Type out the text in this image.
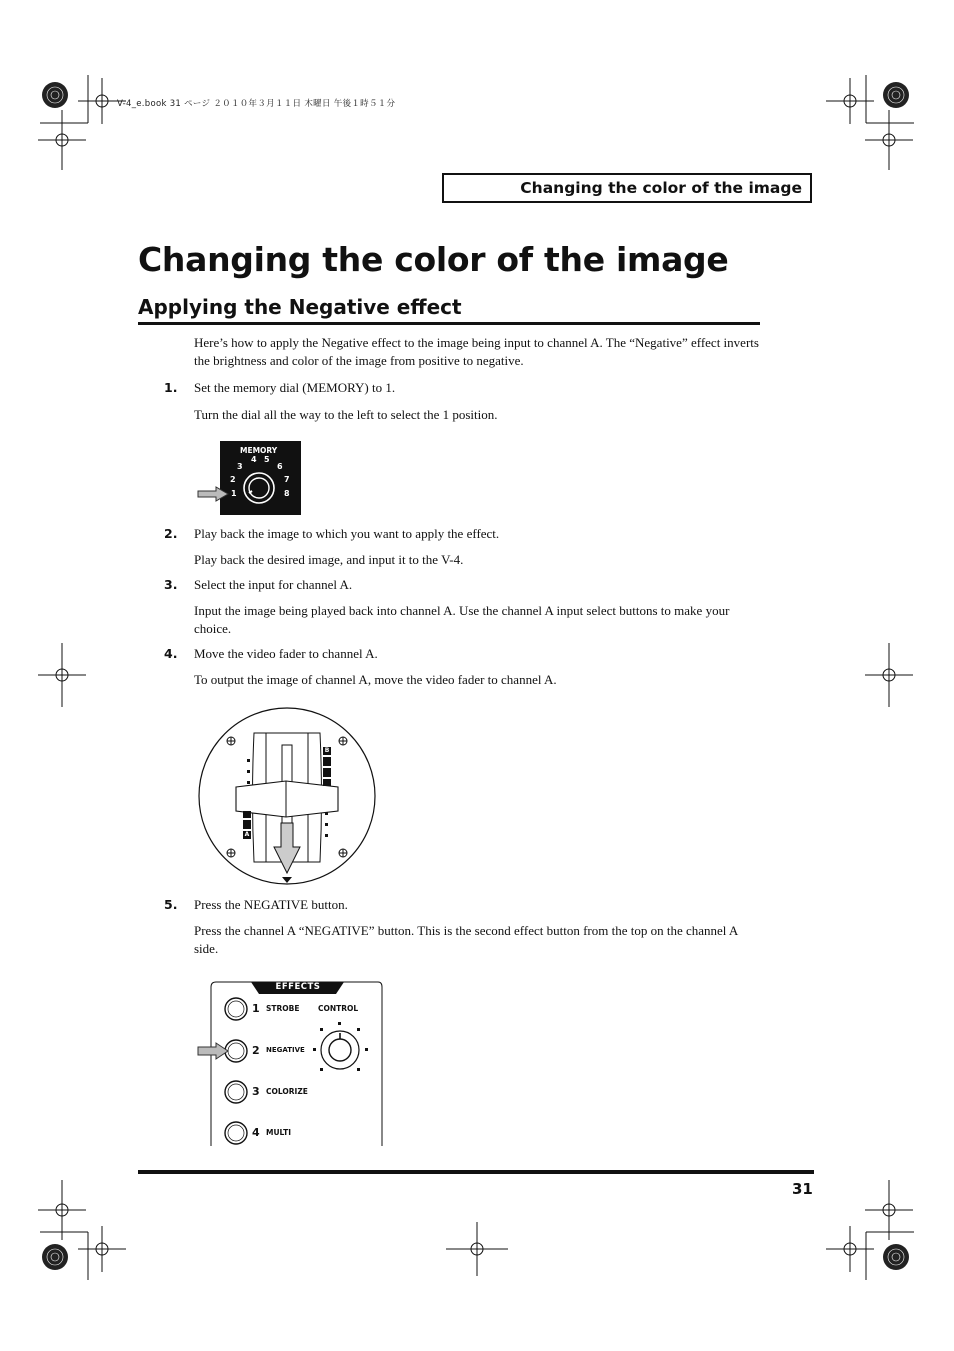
V-4_e.book 31 ページ ２０１０年３月１１日 木曜日 午後１時５１分
Changing the color of the image
Changing the color of the image
Applying the Negative effect
Here’s how to apply the Negative effect to the image being input to channel A. The “Negative” effect inverts the brightness and color of the image from positive to negative.
1. Set the memory dial (MEMORY) to 1.
Turn the dial all the way to the left to select the 1 position.
MEMORY
1
2
3
4 5
6
7
8
2. Play back the image to which you want to apply the effect.
Play back the desired image, and input it to the V-4.
3. Select the input for channel A.
Input the image being played back into channel A. Use the channel A input select buttons to make your choice.
4. Move the video fader to channel A.
To output the image of channel A, move the video fader to channel A.
B
A
5. Press the NEGATIVE button.
Press the channel A “NEGATIVE” button. This is the second effect button from the top on the channel A side.
EFFECTS
CONTROL
1 STROBE
2 NEGATIVE
3 COLORIZE
4 MULTI
31
